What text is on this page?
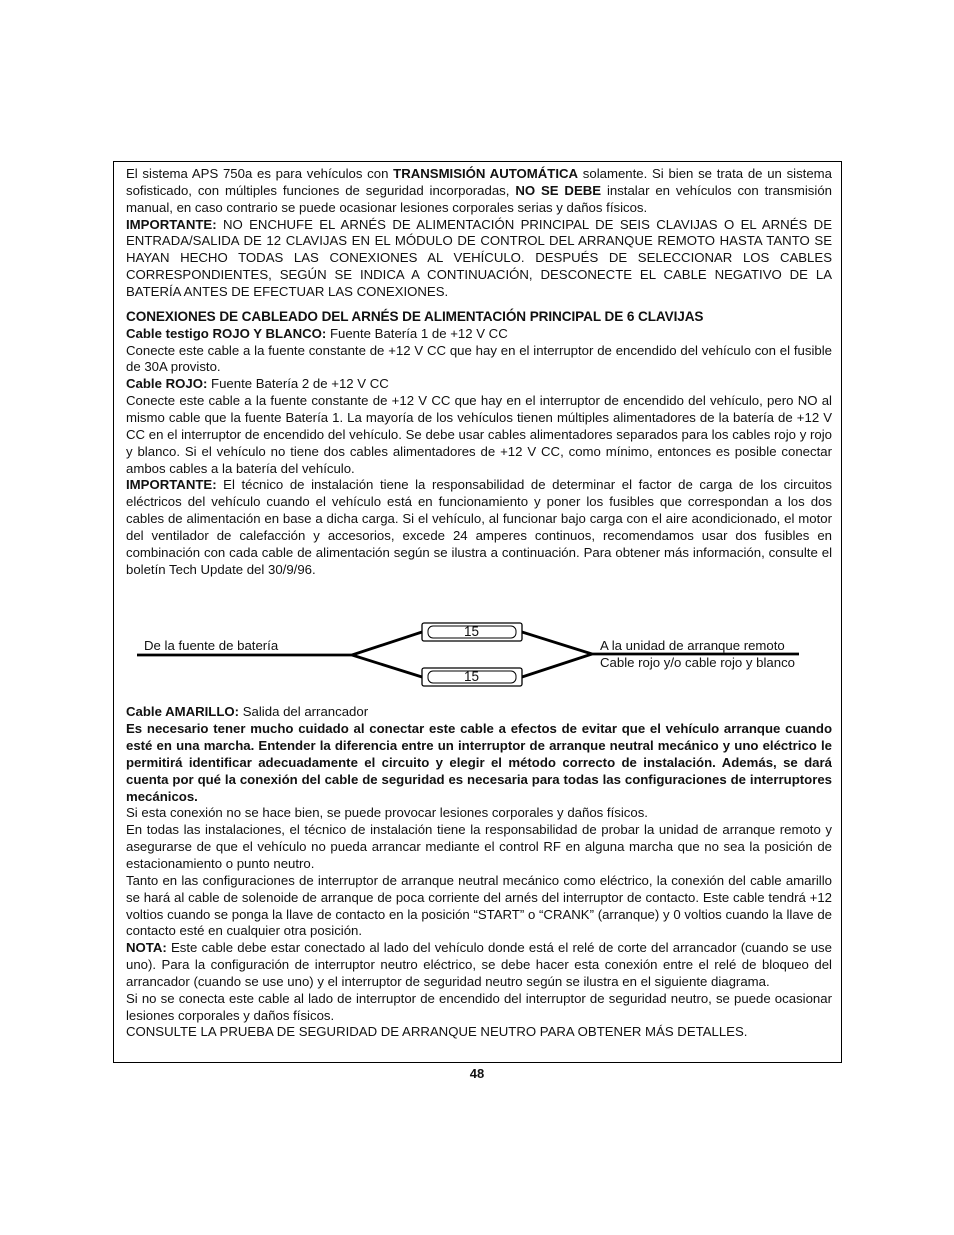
El sistema APS 750a es para vehículos con TRANSMISIÓN AUTOMÁTICA solamente. Si bien se trata de un sistema sofisticado, con múltiples funciones de seguridad incorporadas, NO SE DEBE instalar en vehículos con transmisión manual, en caso contrario se puede ocasionar lesiones corporales serias y daños físicos.

IMPORTANTE: NO ENCHUFE EL ARNÉS DE ALIMENTACIÓN PRINCIPAL DE SEIS CLAVIJAS O EL ARNÉS DE ENTRADA/SALIDA DE 12 CLAVIJAS EN EL MÓDULO DE CONTROL DEL ARRANQUE REMOTO HASTA TANTO SE HAYAN HECHO TODAS LAS CONEXIONES AL VEHÍCULO. DESPUÉS DE SELECCIONAR LOS CABLES CORRESPONDIENTES, SEGÚN SE INDICA A CONTINUACIÓN, DESCONECTE EL CABLE NEGATIVO DE LA BATERÍA ANTES DE EFECTUAR LAS CONEXIONES.

CONEXIONES DE CABLEADO DEL ARNÉS DE ALIMENTACIÓN PRINCIPAL DE 6 CLAVIJAS

Cable testigo ROJO Y BLANCO: Fuente Batería 1 de +12 V CC

Conecte este cable a la fuente constante de +12 V CC que hay en el interruptor de encendido del vehículo con el fusible de 30A provisto.

Cable ROJO: Fuente Batería 2 de +12 V CC

Conecte este cable a la fuente constante de +12 V CC que hay en el interruptor de encendido del vehículo, pero NO al mismo cable que la fuente Batería 1. La mayoría de los vehículos tienen múltiples alimentadores de la batería de +12 V CC en el interruptor de encendido del vehículo. Se debe usar cables alimentadores separados para los cables rojo y rojo y blanco. Si el vehículo no tiene dos cables alimentadores de +12 V CC, como mínimo, entonces es posible conectar ambos cables a la batería del vehículo.

IMPORTANTE: El técnico de instalación tiene la responsabilidad de determinar el factor de carga de los circuitos eléctricos del vehículo cuando el vehículo está en funcionamiento y poner los fusibles que correspondan a los dos cables de alimentación en base a dicha carga. Si el vehículo, al funcionar bajo carga con el aire acondicionado, el motor del ventilador de calefacción y accesorios, excede 24 amperes continuos, recomendamos usar dos fusibles en combinación con cada cable de alimentación según se ilustra a continuación. Para obtener más información, consulte el boletín Tech Update del 30/9/96.

15
15
De la fuente de batería	A la unidad de arranque remoto
Cable rojo y/o cable rojo y blanco

Cable AMARILLO: Salida del arrancador

Es necesario tener mucho cuidado al conectar este cable a efectos de evitar que el vehículo arranque cuando esté en una marcha. Entender la diferencia entre un interruptor de arranque neutral mecánico y uno eléctrico le permitirá identificar adecuadamente el circuito y elegir el método correcto de instalación. Además, se dará cuenta por qué la conexión del cable de seguridad es necesaria para todas las configuraciones de interruptores mecánicos.

Si esta conexión no se hace bien, se puede provocar lesiones corporales y daños físicos.

En todas las instalaciones, el técnico de instalación tiene la responsabilidad de probar la unidad de arranque remoto y asegurarse de que el vehículo no pueda arrancar mediante el control RF en alguna marcha que no sea la posición de estacionamiento o punto neutro.

Tanto en las configuraciones de interruptor de arranque neutral mecánico como eléctrico, la conexión del cable amarillo se hará al cable de solenoide de arranque de poca corriente del arnés del interruptor de contacto. Este cable tendrá +12 voltios cuando se ponga la llave de contacto en la posición “START” o “CRANK” (arranque) y 0 voltios cuando la llave de contacto esté en cualquier otra posición.

NOTA: Este cable debe estar conectado al lado del vehículo donde está el relé de corte del arrancador (cuando se use uno). Para la configuración de interruptor neutro eléctrico, se debe hacer esta conexión entre el relé de bloqueo del arrancador (cuando se use uno) y el interruptor de seguridad neutro según se ilustra en el siguiente diagrama.

Si no se conecta este cable al lado de interruptor de encendido del interruptor de seguridad neutro, se puede ocasionar lesiones corporales y daños físicos.

CONSULTE LA PRUEBA DE SEGURIDAD DE ARRANQUE NEUTRO PARA OBTENER MÁS DETALLES.

48
